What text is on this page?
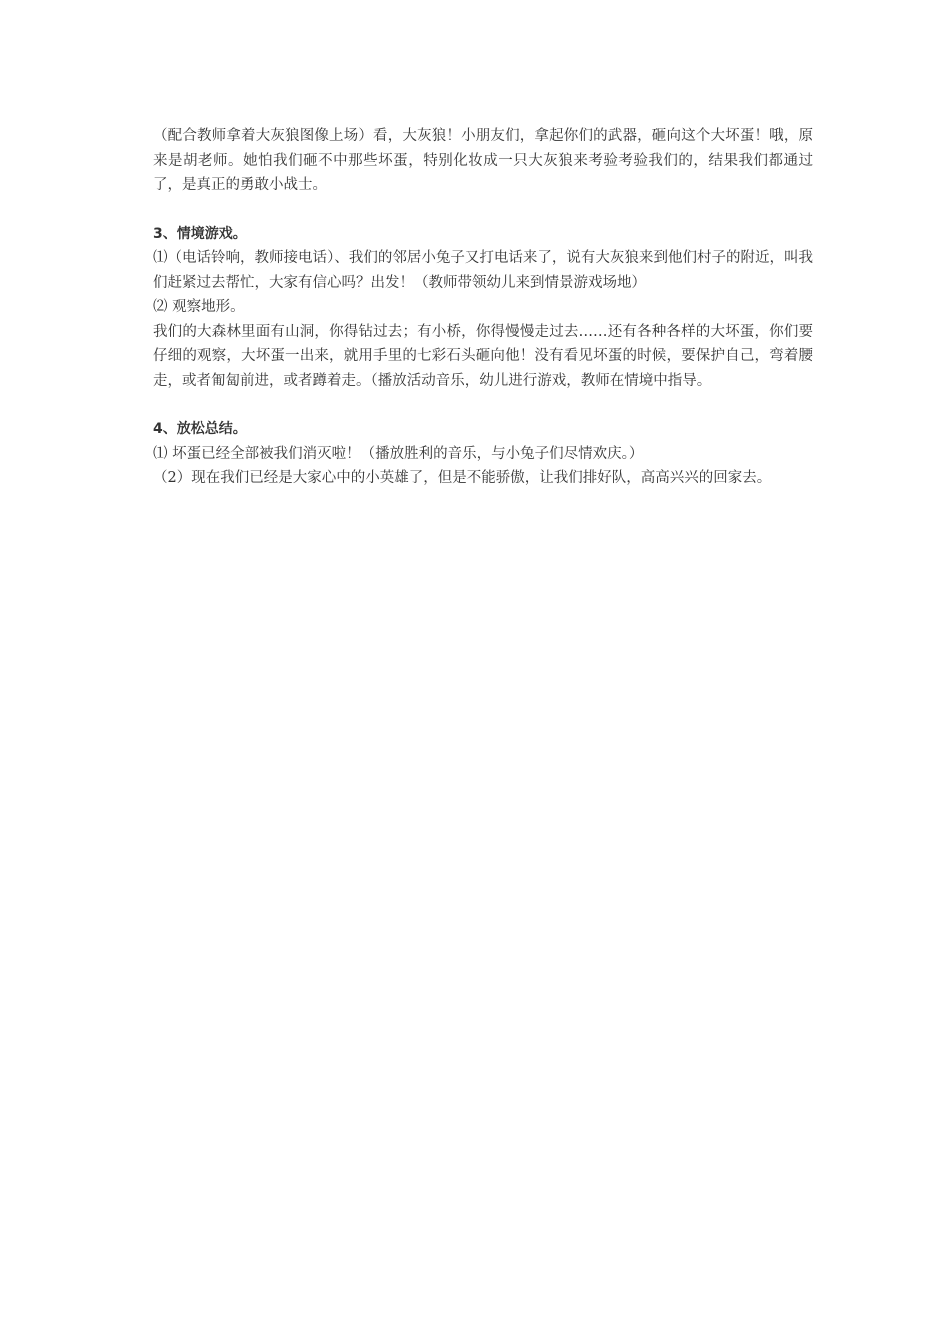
（配合教师拿着大灰狼图像上场）看，大灰狼！小朋友们，拿起你们的武器，砸向这个大坏蛋！哦，原来是胡老师。她怕我们砸不中那些坏蛋，特别化妆成一只大灰狼来考验考验我们的，结果我们都通过了，是真正的勇敢小战士。

3、情境游戏。

⑴（电话铃响，教师接电话）、我们的邻居小兔子又打电话来了，说有大灰狼来到他们村子的附近，叫我们赶紧过去帮忙，大家有信心吗？出发！（教师带领幼儿来到情景游戏场地）

⑵ 观察地形。

我们的大森林里面有山洞，你得钻过去；有小桥，你得慢慢走过去……还有各种各样的大坏蛋，你们要仔细的观察，大坏蛋一出来，就用手里的七彩石头砸向他！没有看见坏蛋的时候，要保护自己，弯着腰走，或者匍匐前进，或者蹲着走。（播放活动音乐，幼儿进行游戏，教师在情境中指导。

4、放松总结。

⑴ 坏蛋已经全部被我们消灭啦！（播放胜利的音乐，与小兔子们尽情欢庆。）

（2）现在我们已经是大家心中的小英雄了，但是不能骄傲，让我们排好队，高高兴兴的回家去。
